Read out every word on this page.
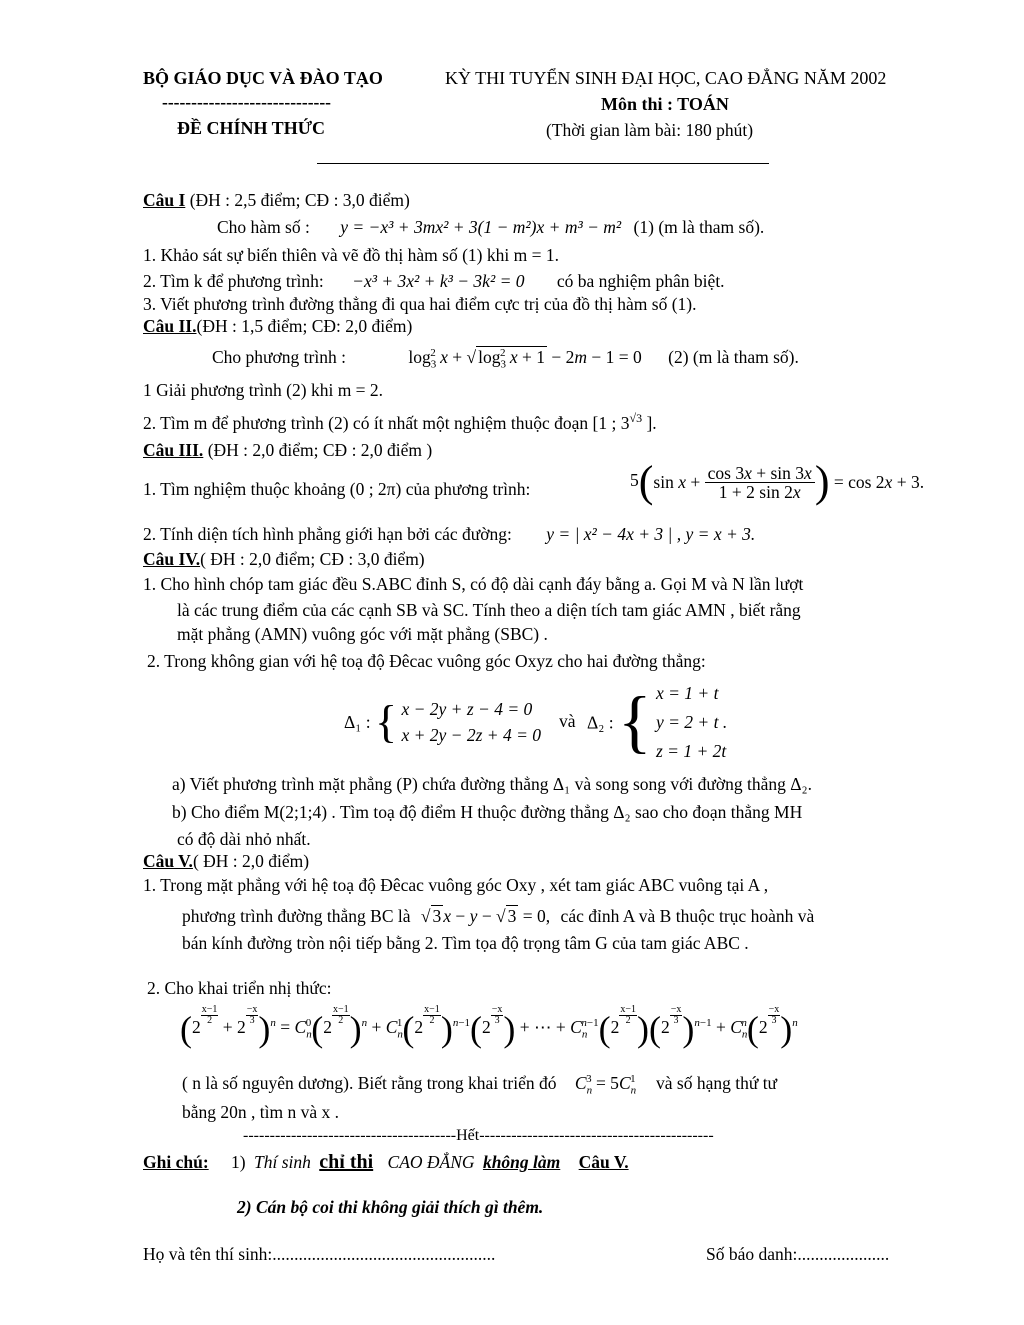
BỘ GIÁO DỤC VÀ ĐÀO TẠO
-----------------------------
ĐỀ CHÍNH THỨC
KỲ THI TUYỂN SINH ĐẠI HỌC, CAO ĐẲNG NĂM 2002
Môn thi : TOÁN
(Thời gian làm bài: 180 phút)
Câu I (ĐH : 2,5 điểm; CĐ : 3,0 điểm)
Cho hàm số : y = −x³ + 3mx² + 3(1 − m²)x + m³ − m² (1) (m là tham số).
1. Khảo sát sự biến thiên và vẽ đồ thị hàm số (1) khi m = 1.
2. Tìm k để phương trình: −x³ + 3x² + k³ − 3k² = 0 có ba nghiệm phân biệt.
3. Viết phương trình đường thẳng đi qua hai điểm cực trị của đồ thị hàm số (1).
Câu II.(ĐH : 1,5 điểm; CĐ: 2,0 điểm)
Cho phương trình :	$\log_3^2 x$ + √ $\log_3^2 x + 1 - 2m - 1 = 0$ (2) (m là tham số).
1 Giải phương trình (2) khi m = 2.
2. Tìm m để phương trình (2) có ít nhất một nghiệm thuộc đoạn [1 ; $3^{√3}$ ].
Câu III. (ĐH : 2,0 điểm; CĐ : 2,0 điểm )
1. Tìm nghiệm thuộc khoảng (0 ; 2π) của phương trình:	5(sin $x + \frac{\cos 3x + \sin 3x}{1 + 2 \sin 2x}$ ) = cos 2x + 3.
2. Tính diện tích hình phẳng giới hạn bởi các đường: y = | x² − 4x + 3 | , y = x + 3.
Câu IV.( ĐH : 2,0 điểm; CĐ : 3,0 điểm)
1. Cho hình chóp tam giác đều S.ABC đỉnh S, có độ dài cạnh đáy bằng a. Gọi M và N lần lượt
là các trung điểm của các cạnh SB và SC. Tính theo a diện tích tam giác AMN , biết rằng
mặt phẳng (AMN) vuông góc với mặt phẳng (SBC) .
2. Trong không gian với hệ toạ độ Đêcac vuông góc Oxyz cho hai đường thẳng:
Δ₁ : { x − 2y + z − 4 = 0
x + 2y − 2z + 4 = 0
và Δ₂ : { x = 1 + t
y = 2 + t .
z = 1 + 2t
a) Viết phương trình mặt phẳng (P) chứa đường thẳng Δ₁ và song song với đường thẳng Δ₂.
b) Cho điểm M(2;1;4) . Tìm toạ độ điểm H thuộc đường thẳng Δ₂ sao cho đoạn thẳng MH
có độ dài nhỏ nhất.
Câu V.( ĐH : 2,0 điểm)
1. Trong mặt phẳng với hệ toạ độ Đêcac vuông góc Oxy , xét tam giác ABC vuông tại A ,
phương trình đường thẳng BC là √ 3 x − y − √ 3 = 0, các đỉnh A và B thuộc trục hoành và
bán kính đường tròn nội tiếp bằng 2. Tìm tọa độ trọng tâm G của tam giác ABC .
2. Cho khai triển nhị thức:
(2
$\frac{x-1}{2}$
+ 2
$\frac{-x}{3} )^n = C_n^0(2$
$\frac{x-1}{2} )^n + C_n^1(2$
$\frac{x-1}{2} )^{n-1}(2$
$\frac{-x}{3}$ ) + ⋯ + $C_n^{n-1}(2$
$\frac{x-1}{2} )(2$
$\frac{-x}{3} )^{n-1} + C_n^n(2$
$\frac{-x}{3} )^n$
( n là số nguyên dương). Biết rằng trong khai triển đó $C_n^3 = 5C_n^1$ và số hạng thứ tư
bằng 20n , tìm n và x .
----------------------------------------Hết--------------------------------------------
Ghi chú: 1) Thí sinh chỉ thi CAO ĐẲNG không làm Câu V.
2) Cán bộ coi thi không giải thích gì thêm.
Họ và tên thí sinh:...................................................	Số báo danh:.....................
